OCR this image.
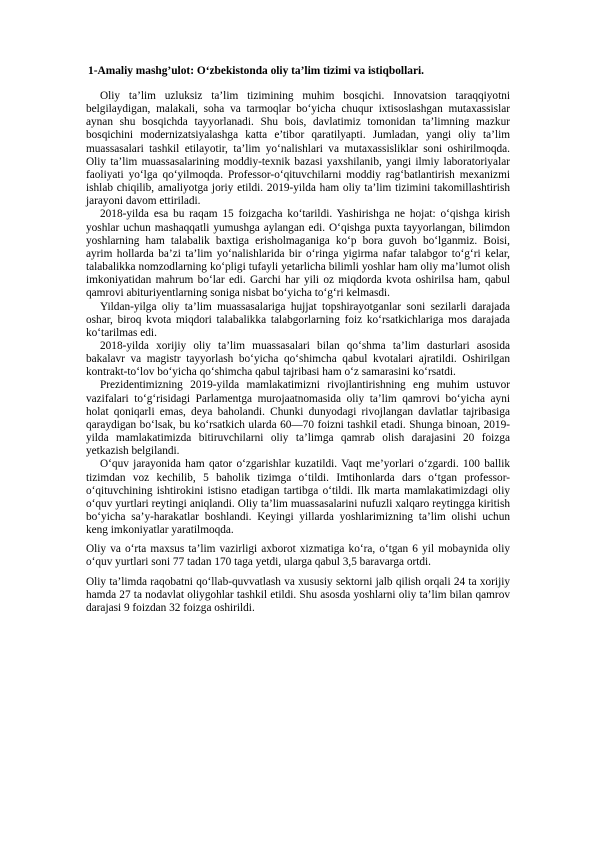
1-Amaliy mashg’ulot: O‘zbekistonda oliy ta’lim tizimi va istiqbollari.

Oliy ta’lim uzluksiz ta’lim tizimining muhim bosqichi. Innovatsion taraqqiyotni belgilaydigan, malakali, soha va tarmoqlar bo‘yicha chuqur ixtisoslashgan mutaxassislar aynan shu bosqichda tayyorlanadi. Shu bois, davlatimiz tomonidan ta’limning mazkur bosqichini modernizatsiyalashga katta e’tibor qaratilyapti. Jumladan, yangi oliy ta’lim muassasalari tashkil etilayotir, ta’lim yo‘nalishlari va mutaxassisliklar soni oshirilmoqda. Oliy ta’lim muassasalarining moddiy-texnik bazasi yaxshilanib, yangi ilmiy laboratoriyalar faoliyati yo‘lga qo‘yilmoqda. Professor-o‘qituvchilarni moddiy rag‘batlantirish mexanizmi ishlab chiqilib, amaliyotga joriy etildi. 2019-yilda ham oliy ta’lim tizimini takomillashtirish jarayoni davom ettiriladi.

2018-yilda esa bu raqam 15 foizgacha ko‘tarildi. Yashirishga ne hojat: o‘qishga kirish yoshlar uchun mashaqqatli yumushga aylangan edi. O‘qishga puxta tayyorlangan, bilimdon yoshlarning ham talabalik baxtiga erisholmaganiga ko‘p bora guvoh bo‘lganmiz. Boisi, ayrim hollarda ba’zi ta’lim yo‘nalishlarida bir o‘ringa yigirma nafar talabgor to‘g‘ri kelar, talabalikka nomzodlarning ko‘pligi tufayli yetarlicha bilimli yoshlar ham oliy ma’lumot olish imkoniyatidan mahrum bo‘lar edi. Garchi har yili oz miqdorda kvota oshirilsa ham, qabul qamrovi abituriyentlarning soniga nisbat bo‘yicha to‘g‘ri kelmasdi.

Yildan-yilga oliy ta’lim muassasalariga hujjat topshirayotganlar soni sezilarli darajada oshar, biroq kvota miqdori talabalikka talabgorlarning foiz ko‘rsatkichlariga mos darajada ko‘tarilmas edi.

2018-yilda xorijiy oliy ta’lim muassasalari bilan qo‘shma ta’lim dasturlari asosida bakalavr va magistr tayyorlash bo‘yicha qo‘shimcha qabul kvotalari ajratildi. Oshirilgan kontrakt-to‘lov bo‘yicha qo‘shimcha qabul tajribasi ham o‘z samarasini ko‘rsatdi.

Prezidentimizning 2019-yilda mamlakatimizni rivojlantirishning eng muhim ustuvor vazifalari to‘g‘risidagi Parlamentga murojaatnomasida oliy ta’lim qamrovi bo‘yicha ayni holat qoniqarli emas, deya baholandi. Chunki dunyodagi rivojlangan davlatlar tajribasiga qaraydigan bo‘lsak, bu ko‘rsatkich ularda 60—70 foizni tashkil etadi. Shunga binoan, 2019-yilda mamlakatimizda bitiruvchilarni oliy ta’limga qamrab olish darajasini 20 foizga yetkazish belgilandi.

O‘quv jarayonida ham qator o‘zgarishlar kuzatildi. Vaqt me’yorlari o‘zgardi. 100 ballik tizimdan voz kechilib, 5 baholik tizimga o‘tildi. Imtihonlarda dars o‘tgan professor-o‘qituvchining ishtirokini istisno etadigan tartibga o‘tildi. Ilk marta mamlakatimizdagi oliy o‘quv yurtlari reytingi aniqlandi. Oliy ta’lim muassasalarini nufuzli xalqaro reytingga kiritish bo‘yicha sa’y-harakatlar boshlandi. Keyingi yillarda yoshlarimizning ta’lim olishi uchun keng imkoniyatlar yaratilmoqda.

Oliy va o‘rta maxsus ta’lim vazirligi axborot xizmatiga ko‘ra, o‘tgan 6 yil mobaynida oliy o‘quv yurtlari soni 77 tadan 170 taga yetdi, ularga qabul 3,5 baravarga ortdi.

Oliy ta’limda raqobatni qo‘llab-quvvatlash va xususiy sektorni jalb qilish orqali 24 ta xorijiy hamda 27 ta nodavlat oliygohlar tashkil etildi. Shu asosda yoshlarni oliy ta’lim bilan qamrov darajasi 9 foizdan 32 foizga oshirildi.
